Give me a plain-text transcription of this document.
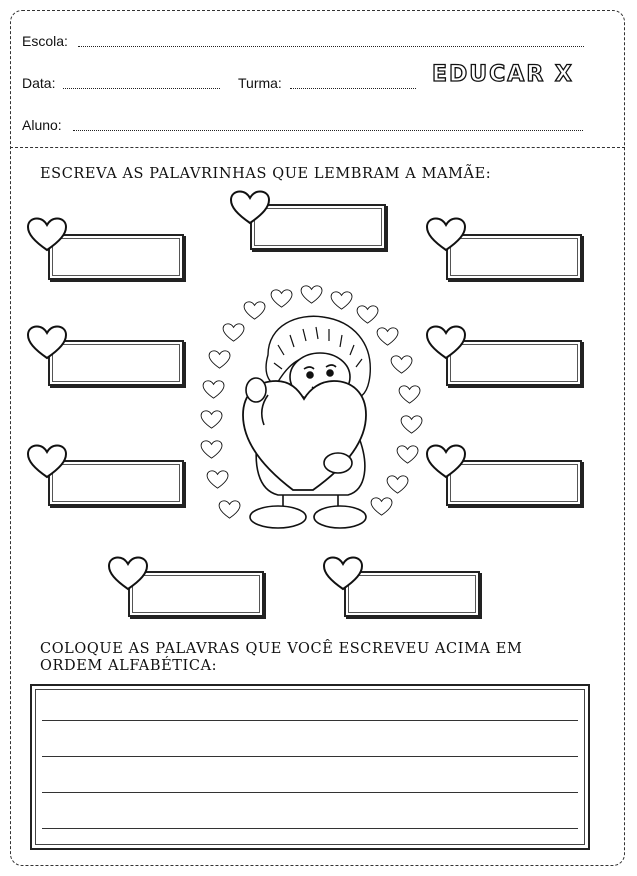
Escola:
Data:	Turma:	EDUCAR X
Aluno:
ESCREVA AS PALAVRINHAS QUE LEMBRAM A MAMÃE:
COLOQUE AS PALAVRAS QUE VOCÊ ESCREVEU ACIMA EM
ORDEM ALFABÉTICA:
